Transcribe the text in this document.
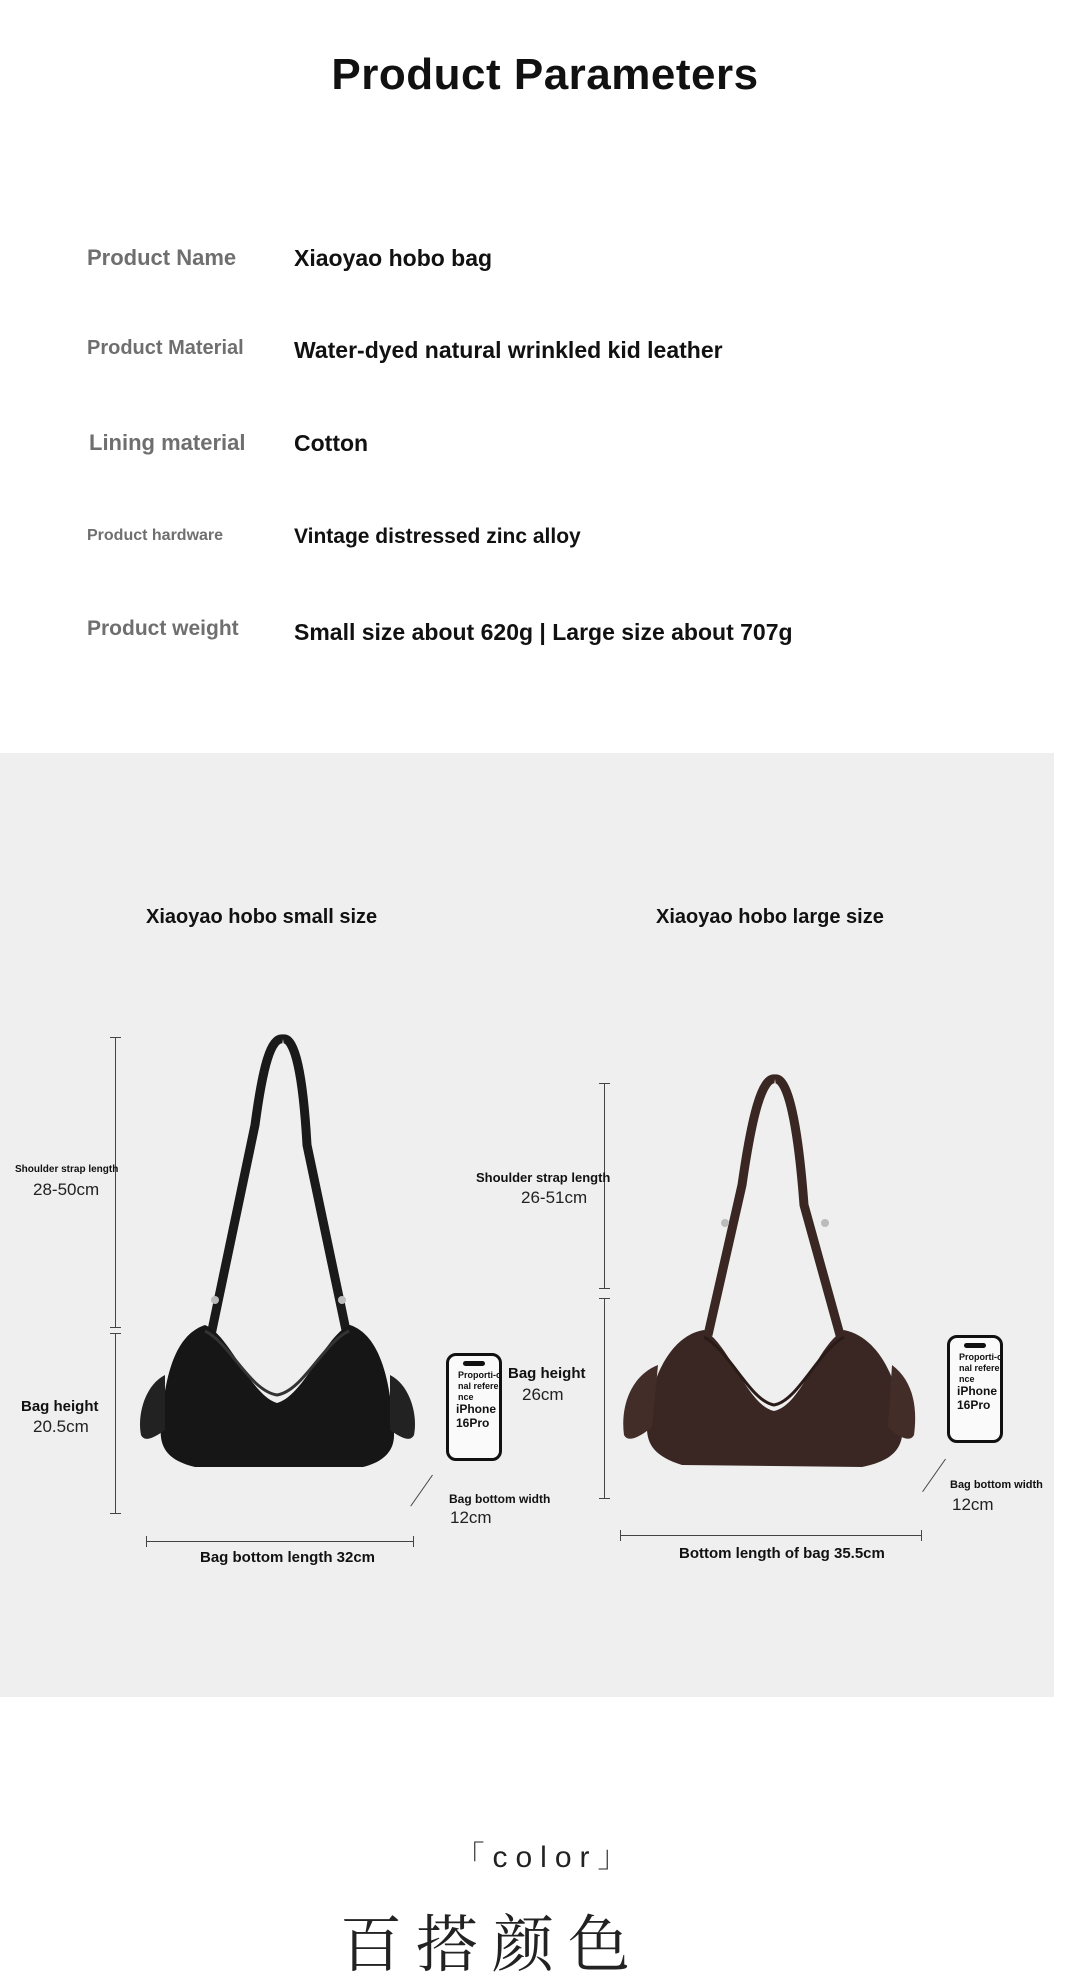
Product Parameters
Product Name	Xiaoyao hobo bag
Product Material Water-dyed natural wrinkled kid leather
Lining material Cotton
Product hardware	Vintage distressed zinc alloy
Product weight Small size about 620g | Large size about 707g
Xiaoyao hobo small size
Shoulder strap length
28-50cm
Bag height
20.5cm
Proporti-onal reference
iPhone 16Pro
Bag height
26cm
Bag bottom width
12cm
Bag bottom length 32cm
Xiaoyao hobo large size
Shoulder strap length
26-51cm
Proporti-onal reference
iPhone 16Pro
Bag bottom width
12cm
Bottom length of bag 35.5cm
「color」
百搭颜色
